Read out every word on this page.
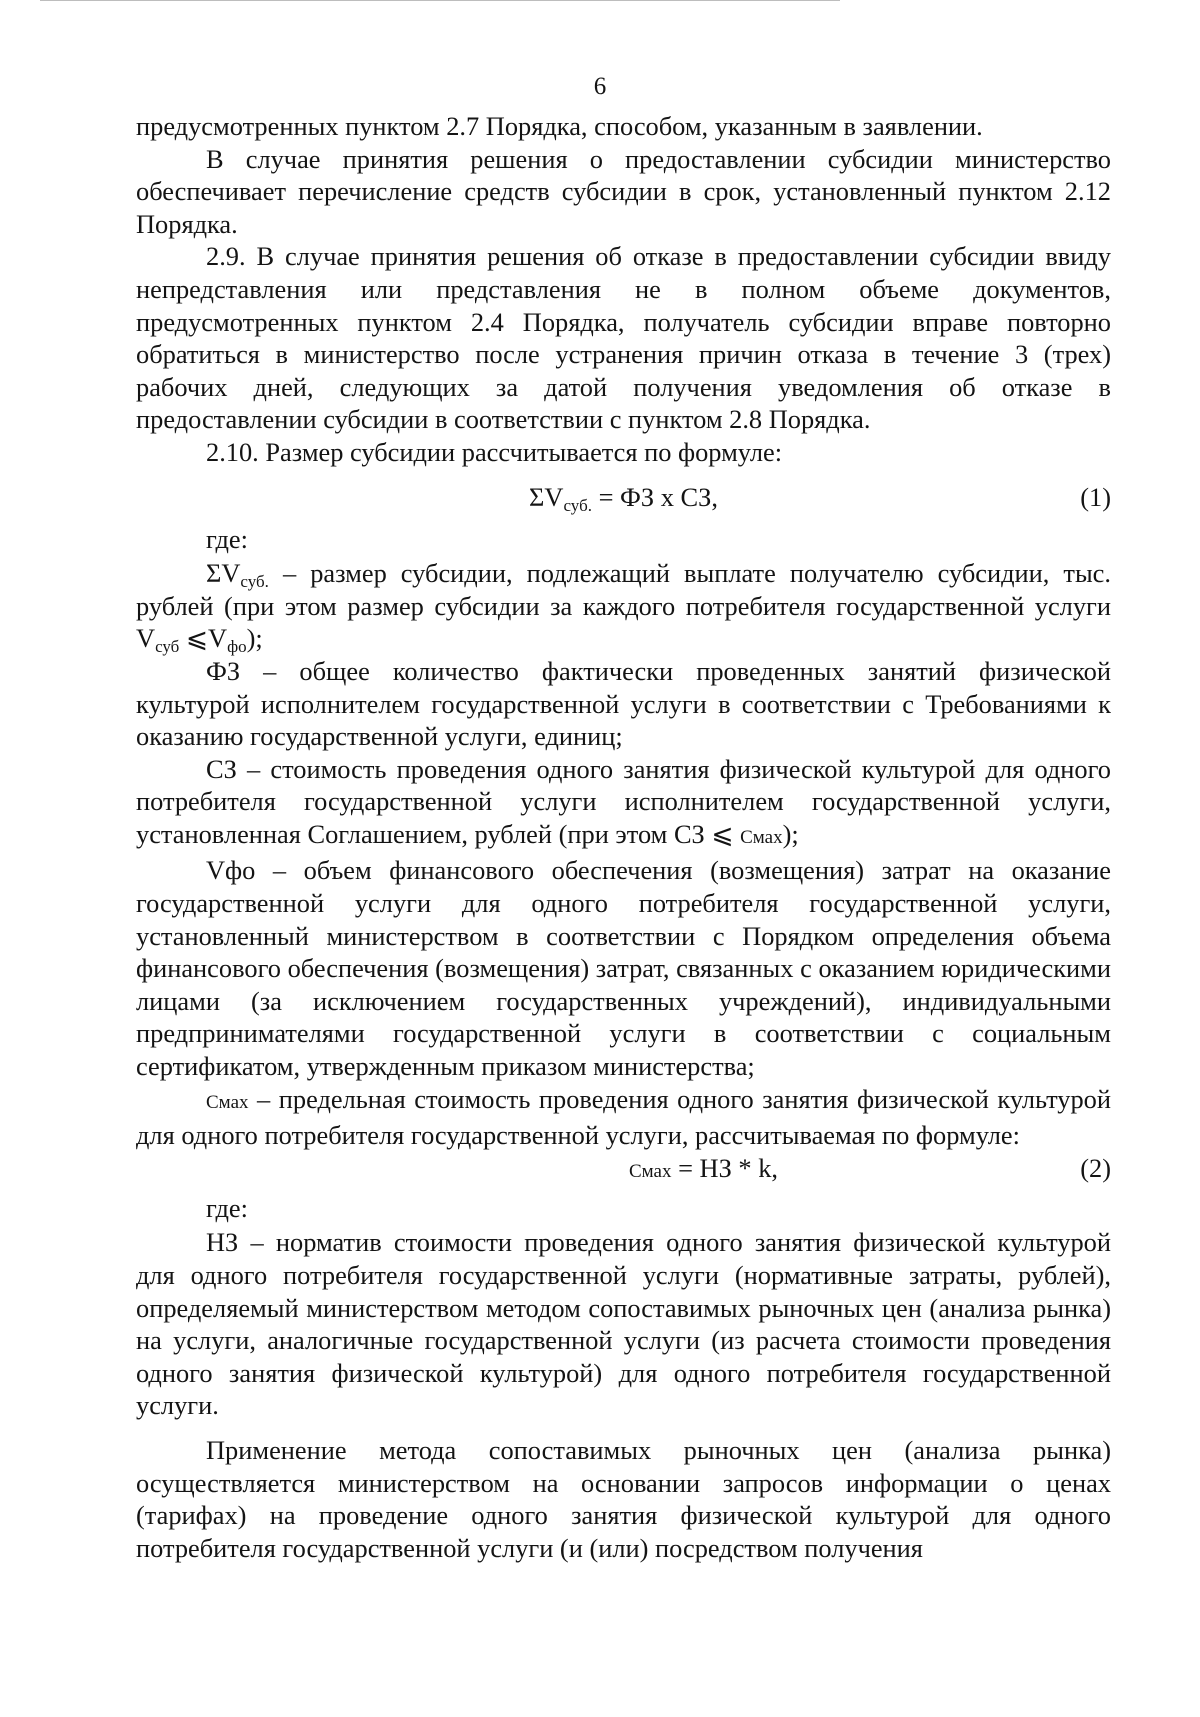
6

предусмотренных пунктом 2.7 Порядка, способом, указанным в заявлении.

В случае принятия решения о предоставлении субсидии министерство обеспечивает перечисление средств субсидии в срок, установленный пунктом 2.12 Порядка.

2.9. В случае принятия решения об отказе в предоставлении субсидии ввиду непредставления или представления не в полном объеме документов, предусмотренных пунктом 2.4 Порядка, получатель субсидии вправе повторно обратиться в министерство после устранения причин отказа в течение 3 (трех) рабочих дней, следующих за датой получения уведомления об отказе в предоставлении субсидии в соответствии с пунктом 2.8 Порядка.

2.10. Размер субсидии рассчитывается по формуле:

$\Sigma V_{суб.}$ = ФЗ х СЗ,	(1)

где:

$\Sigma V_{суб.}$ – размер субсидии, подлежащий выплате получателю субсидии, тыс. рублей (при этом размер субсидии за каждого потребителя государственной услуги $V_{суб}$ $⩽V_{фо}$);

ФЗ – общее количество фактически проведенных занятий физической культурой исполнителем государственной услуги в соответствии с Требованиями к оказанию государственной услуги, единиц;

СЗ – стоимость проведения одного занятия физической культурой для одного потребителя государственной услуги исполнителем государственной услуги, установленная Соглашением, рублей (при этом СЗ ⩽ Смах);

Vфо – объем финансового обеспечения (возмещения) затрат на оказание государственной услуги для одного потребителя государственной услуги, установленный министерством в соответствии с Порядком определения объема финансового обеспечения (возмещения) затрат, связанных с оказанием юридическими лицами (за исключением государственных учреждений), индивидуальными предпринимателями государственной услуги в соответствии с социальным сертификатом, утвержденным приказом министерства;

Смах – предельная стоимость проведения одного занятия физической культурой для одного потребителя государственной услуги, рассчитываемая по формуле:

Смах = НЗ * k,	(2)

где:

НЗ – норматив стоимости проведения одного занятия физической культурой для одного потребителя государственной услуги (нормативные затраты, рублей), определяемый министерством методом сопоставимых рыночных цен (анализа рынка) на услуги, аналогичные государственной услуги (из расчета стоимости проведения одного занятия физической культурой) для одного потребителя государственной услуги.

Применение метода сопоставимых рыночных цен (анализа рынка) осуществляется министерством на основании запросов информации о ценах (тарифах) на проведение одного занятия физической культурой для одного потребителя государственной услуги (и (или) посредством получения
